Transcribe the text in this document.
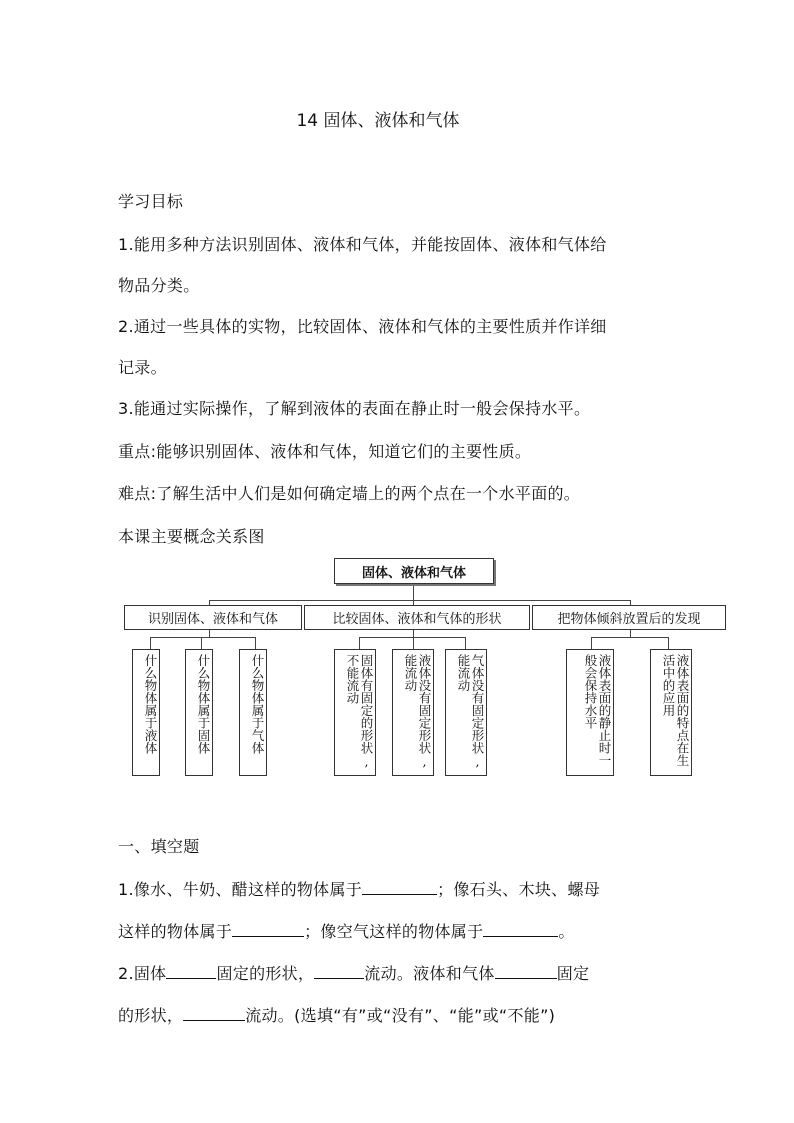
14 固体、液体和气体
学习目标
1.能用多种方法识别固体、液体和气体，并能按固体、液体和气体给
物品分类。
2.通过一些具体的实物，比较固体、液体和气体的主要性质并作详细
记录。
3.能通过实际操作，了解到液体的表面在静止时一般会保持水平。
重点:能够识别固体、液体和气体，知道它们的主要性质。
难点:了解生活中人们是如何确定墙上的两个点在一个水平面的。
本课主要概念关系图
固体、液体和气体
识别固体、液体和气体	比较固体、液体和气体的形状	把物体倾斜放置后的发现
什么物体属于液体	什么物体属于固体	什么物体属于气体	固体有固定的形状,不能流动	液体没有固定形状,能流动	气体没有固定形状,能流动	液体表面的静止时一般会保持水平	液体表面的特点在生活中的应用
一、填空题
1.像水、牛奶、醋这样的物体属于	；像石头、木块、螺母
这样的物体属于	；像空气这样的物体属于	。
2.固体	固定的形状，	流动。液体和气体	固定
的形状，	流动。(选填“有”或“没有”、“能”或“不能”)
